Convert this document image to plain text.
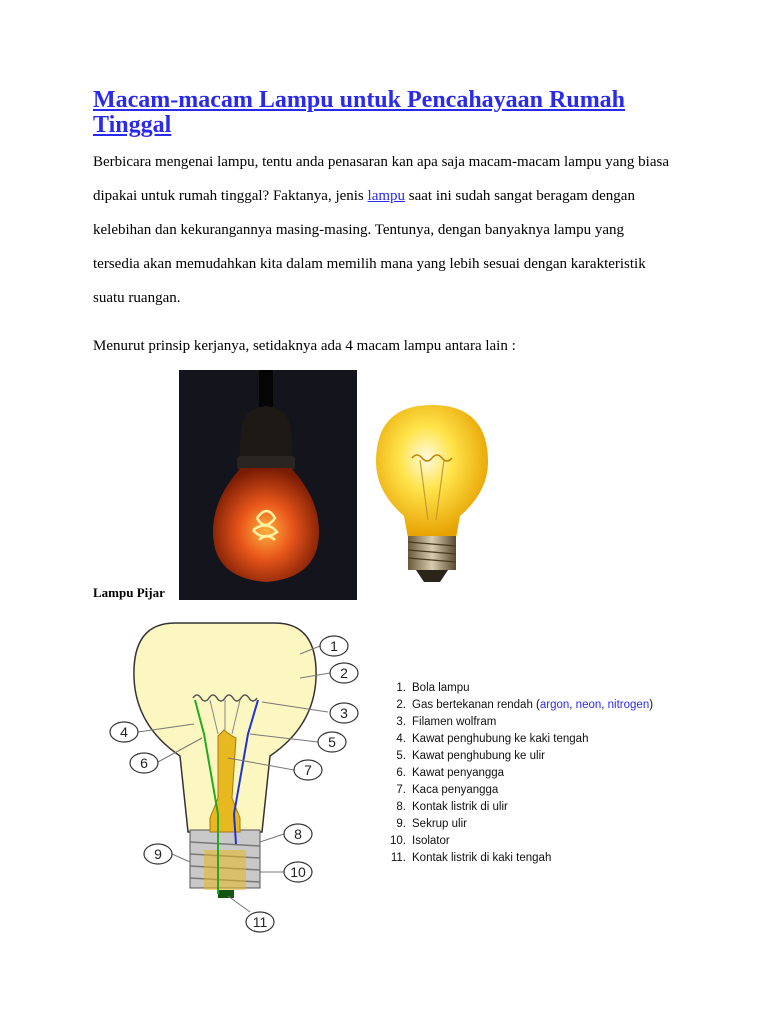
Macam-macam Lampu untuk Pencahayaan Rumah Tinggal

Berbicara mengenai lampu, tentu anda penasaran kan apa saja macam-macam lampu yang biasa dipakai untuk rumah tinggal? Faktanya, jenis lampu saat ini sudah sangat beragam dengan kelebihan dan kekurangannya masing-masing. Tentunya, dengan banyaknya lampu yang tersedia akan memudahkan kita dalam memilih mana yang lebih sesuai dengan karakteristik suatu ruangan.

Menurut prinsip kerjanya, setidaknya ada 4 macam lampu antara lain :

Lampu Pijar

1
2
3
4
5
6	7
8
9
10
11
1. Bola lampu
2. Gas bertekanan rendah (argon, neon, nitrogen)
3. Filamen wolfram
4. Kawat penghubung ke kaki tengah
5. Kawat penghubung ke ulir
6. Kawat penyangga
7. Kaca penyangga
8. Kontak listrik di ulir
9. Sekrup ulir
10. Isolator
11. Kontak listrik di kaki tengah
